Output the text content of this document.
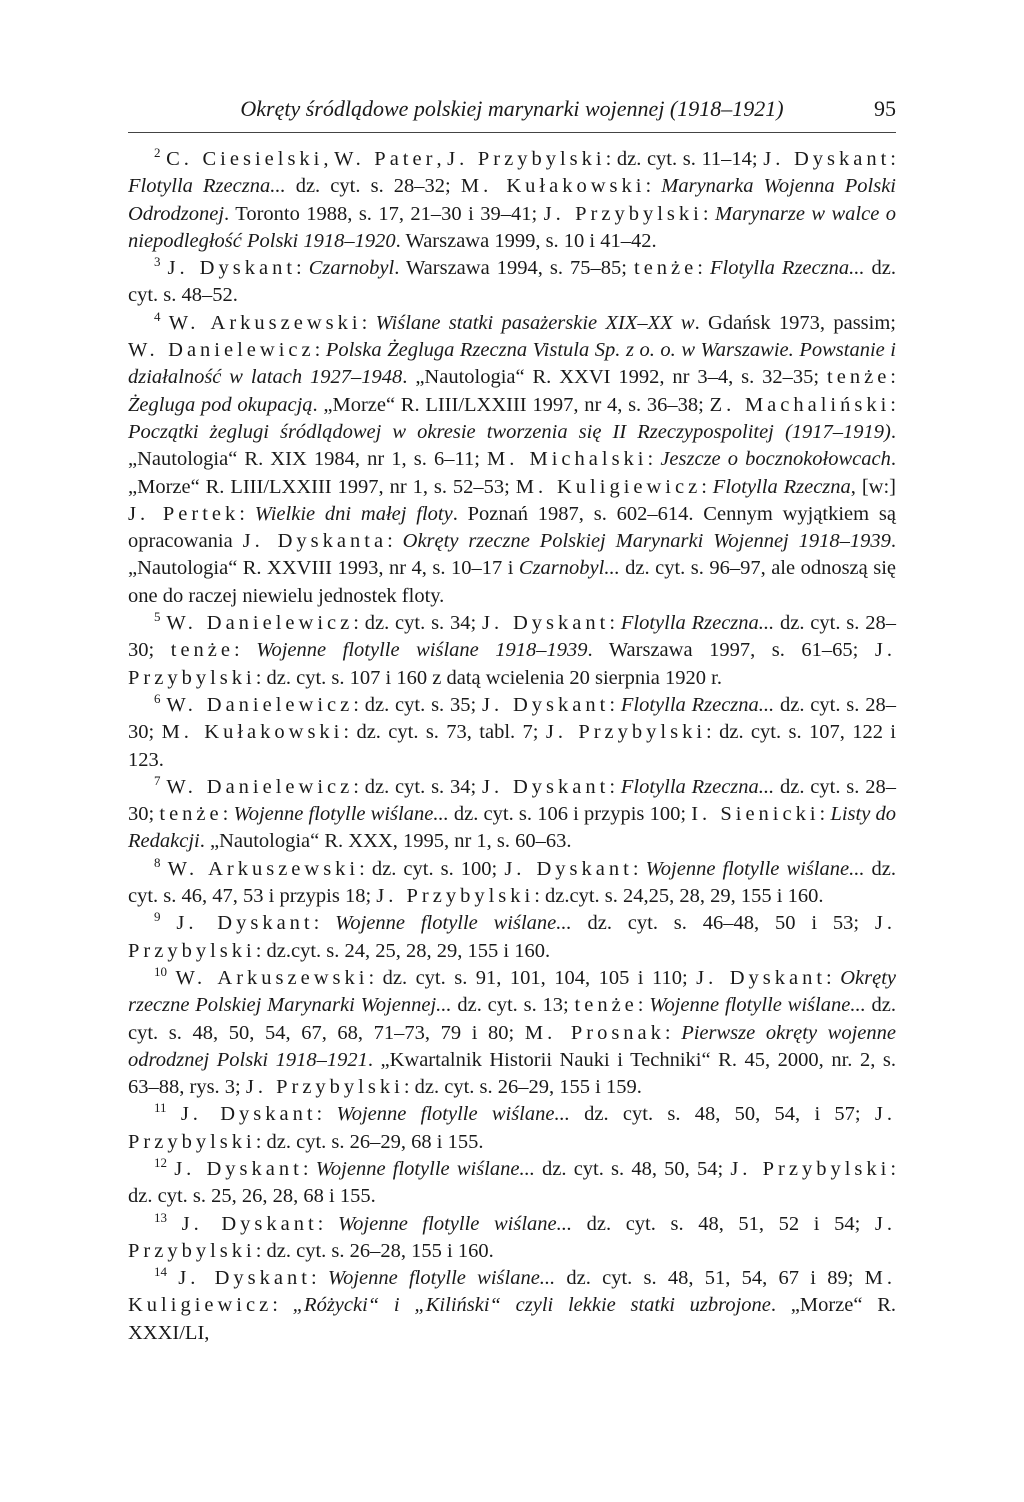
Okręty śródlądowe polskiej marynarki wojennej (1918–1921)	95

$^2$ C. Ciesielski, W. Pater, J. Przybylski: dz. cyt. s. 11–14; J. Dyskant: Flotylla Rzeczna... dz. cyt. s. 28–32; M. Kułakowski: Marynarka Wojenna Polski Odrodzonej. Toronto 1988, s. 17, 21–30 i 39–41; J. Przybylski: Marynarze w walce o niepodległość Polski 1918–1920. Warszawa 1999, s. 10 i 41–42.

$^3$ J. Dyskant: Czarnobyl. Warszawa 1994, s. 75–85; tenże: Flotylla Rzeczna... dz. cyt. s. 48–52.

$^4$ W. Arkuszewski: Wiślane statki pasażerskie XIX–XX w. Gdańsk 1973, passim; W. Danielewicz: Polska Żegluga Rzeczna Vistula Sp. z o. o. w Warszawie. Powstanie i działalność w latach 1927–1948. „Nautologia“ R. XXVI 1992, nr 3–4, s. 32–35; tenże: Żegluga pod okupacją. „Morze“ R. LIII/LXXIII 1997, nr 4, s. 36–38; Z. Machaliński: Początki żeglugi śródlądowej w okresie tworzenia się II Rzeczypospolitej (1917–1919). „Nautologia“ R. XIX 1984, nr 1, s. 6–11; M. Michalski: Jeszcze o bocznokołowcach. „Morze“ R. LIII/LXXIII 1997, nr 1, s. 52–53; M. Kuligiewicz: Flotylla Rzeczna, [w:] J. Pertek: Wielkie dni małej floty. Poznań 1987, s. 602–614. Cennym wyjątkiem są opracowania J. Dyskanta: Okręty rzeczne Polskiej Marynarki Wojennej 1918–1939. „Nautologia“ R. XXVIII 1993, nr 4, s. 10–17 i Czarnobyl... dz. cyt. s. 96–97, ale odnoszą się one do raczej niewielu jednostek floty.

$^5$ W. Danielewicz: dz. cyt. s. 34; J. Dyskant: Flotylla Rzeczna... dz. cyt. s. 28–30; tenże: Wojenne flotylle wiślane 1918–1939. Warszawa 1997, s. 61–65; J. Przybylski: dz. cyt. s. 107 i 160 z datą wcielenia 20 sierpnia 1920 r.

$^6$ W. Danielewicz: dz. cyt. s. 35; J. Dyskant: Flotylla Rzeczna... dz. cyt. s. 28–30; M. Kułakowski: dz. cyt. s. 73, tabl. 7; J. Przybylski: dz. cyt. s. 107, 122 i 123.

$^7$ W. Danielewicz: dz. cyt. s. 34; J. Dyskant: Flotylla Rzeczna... dz. cyt. s. 28–30; tenże: Wojenne flotylle wiślane... dz. cyt. s. 106 i przypis 100; I. Sienicki: Listy do Redakcji. „Nautologia“ R. XXX, 1995, nr 1, s. 60–63.

$^8$ W. Arkuszewski: dz. cyt. s. 100; J. Dyskant: Wojenne flotylle wiślane... dz. cyt. s. 46, 47, 53 i przypis 18; J. Przybylski: dz.cyt. s. 24,25, 28, 29, 155 i 160.

$^9$ J. Dyskant: Wojenne flotylle wiślane... dz. cyt. s. 46–48, 50 i 53; J. Przybylski: dz.cyt. s. 24, 25, 28, 29, 155 i 160.

$^{10}$ W. Arkuszewski: dz. cyt. s. 91, 101, 104, 105 i 110; J. Dyskant: Okręty rzeczne Polskiej Marynarki Wojennej... dz. cyt. s. 13; tenże: Wojenne flotylle wiślane... dz. cyt. s. 48, 50, 54, 67, 68, 71–73, 79 i 80; M. Prosnak: Pierwsze okręty wojenne odrodznej Polski 1918–1921. „Kwartalnik Historii Nauki i Techniki“ R. 45, 2000, nr. 2, s. 63–88, rys. 3; J. Przybylski: dz. cyt. s. 26–29, 155 i 159.

$^{11}$ J. Dyskant: Wojenne flotylle wiślane... dz. cyt. s. 48, 50, 54, i 57; J. Przybylski: dz. cyt. s. 26–29, 68 i 155.

$^{12}$ J. Dyskant: Wojenne flotylle wiślane... dz. cyt. s. 48, 50, 54; J. Przybylski: dz. cyt. s. 25, 26, 28, 68 i 155.

$^{13}$ J. Dyskant: Wojenne flotylle wiślane... dz. cyt. s. 48, 51, 52 i 54; J. Przybylski: dz. cyt. s. 26–28, 155 i 160.

$^{14}$ J. Dyskant: Wojenne flotylle wiślane... dz. cyt. s. 48, 51, 54, 67 i 89; M. Kuligiewicz: „Różycki“ i „Kiliński“ czyli lekkie statki uzbrojone. „Morze“ R. XXXI/LI,
